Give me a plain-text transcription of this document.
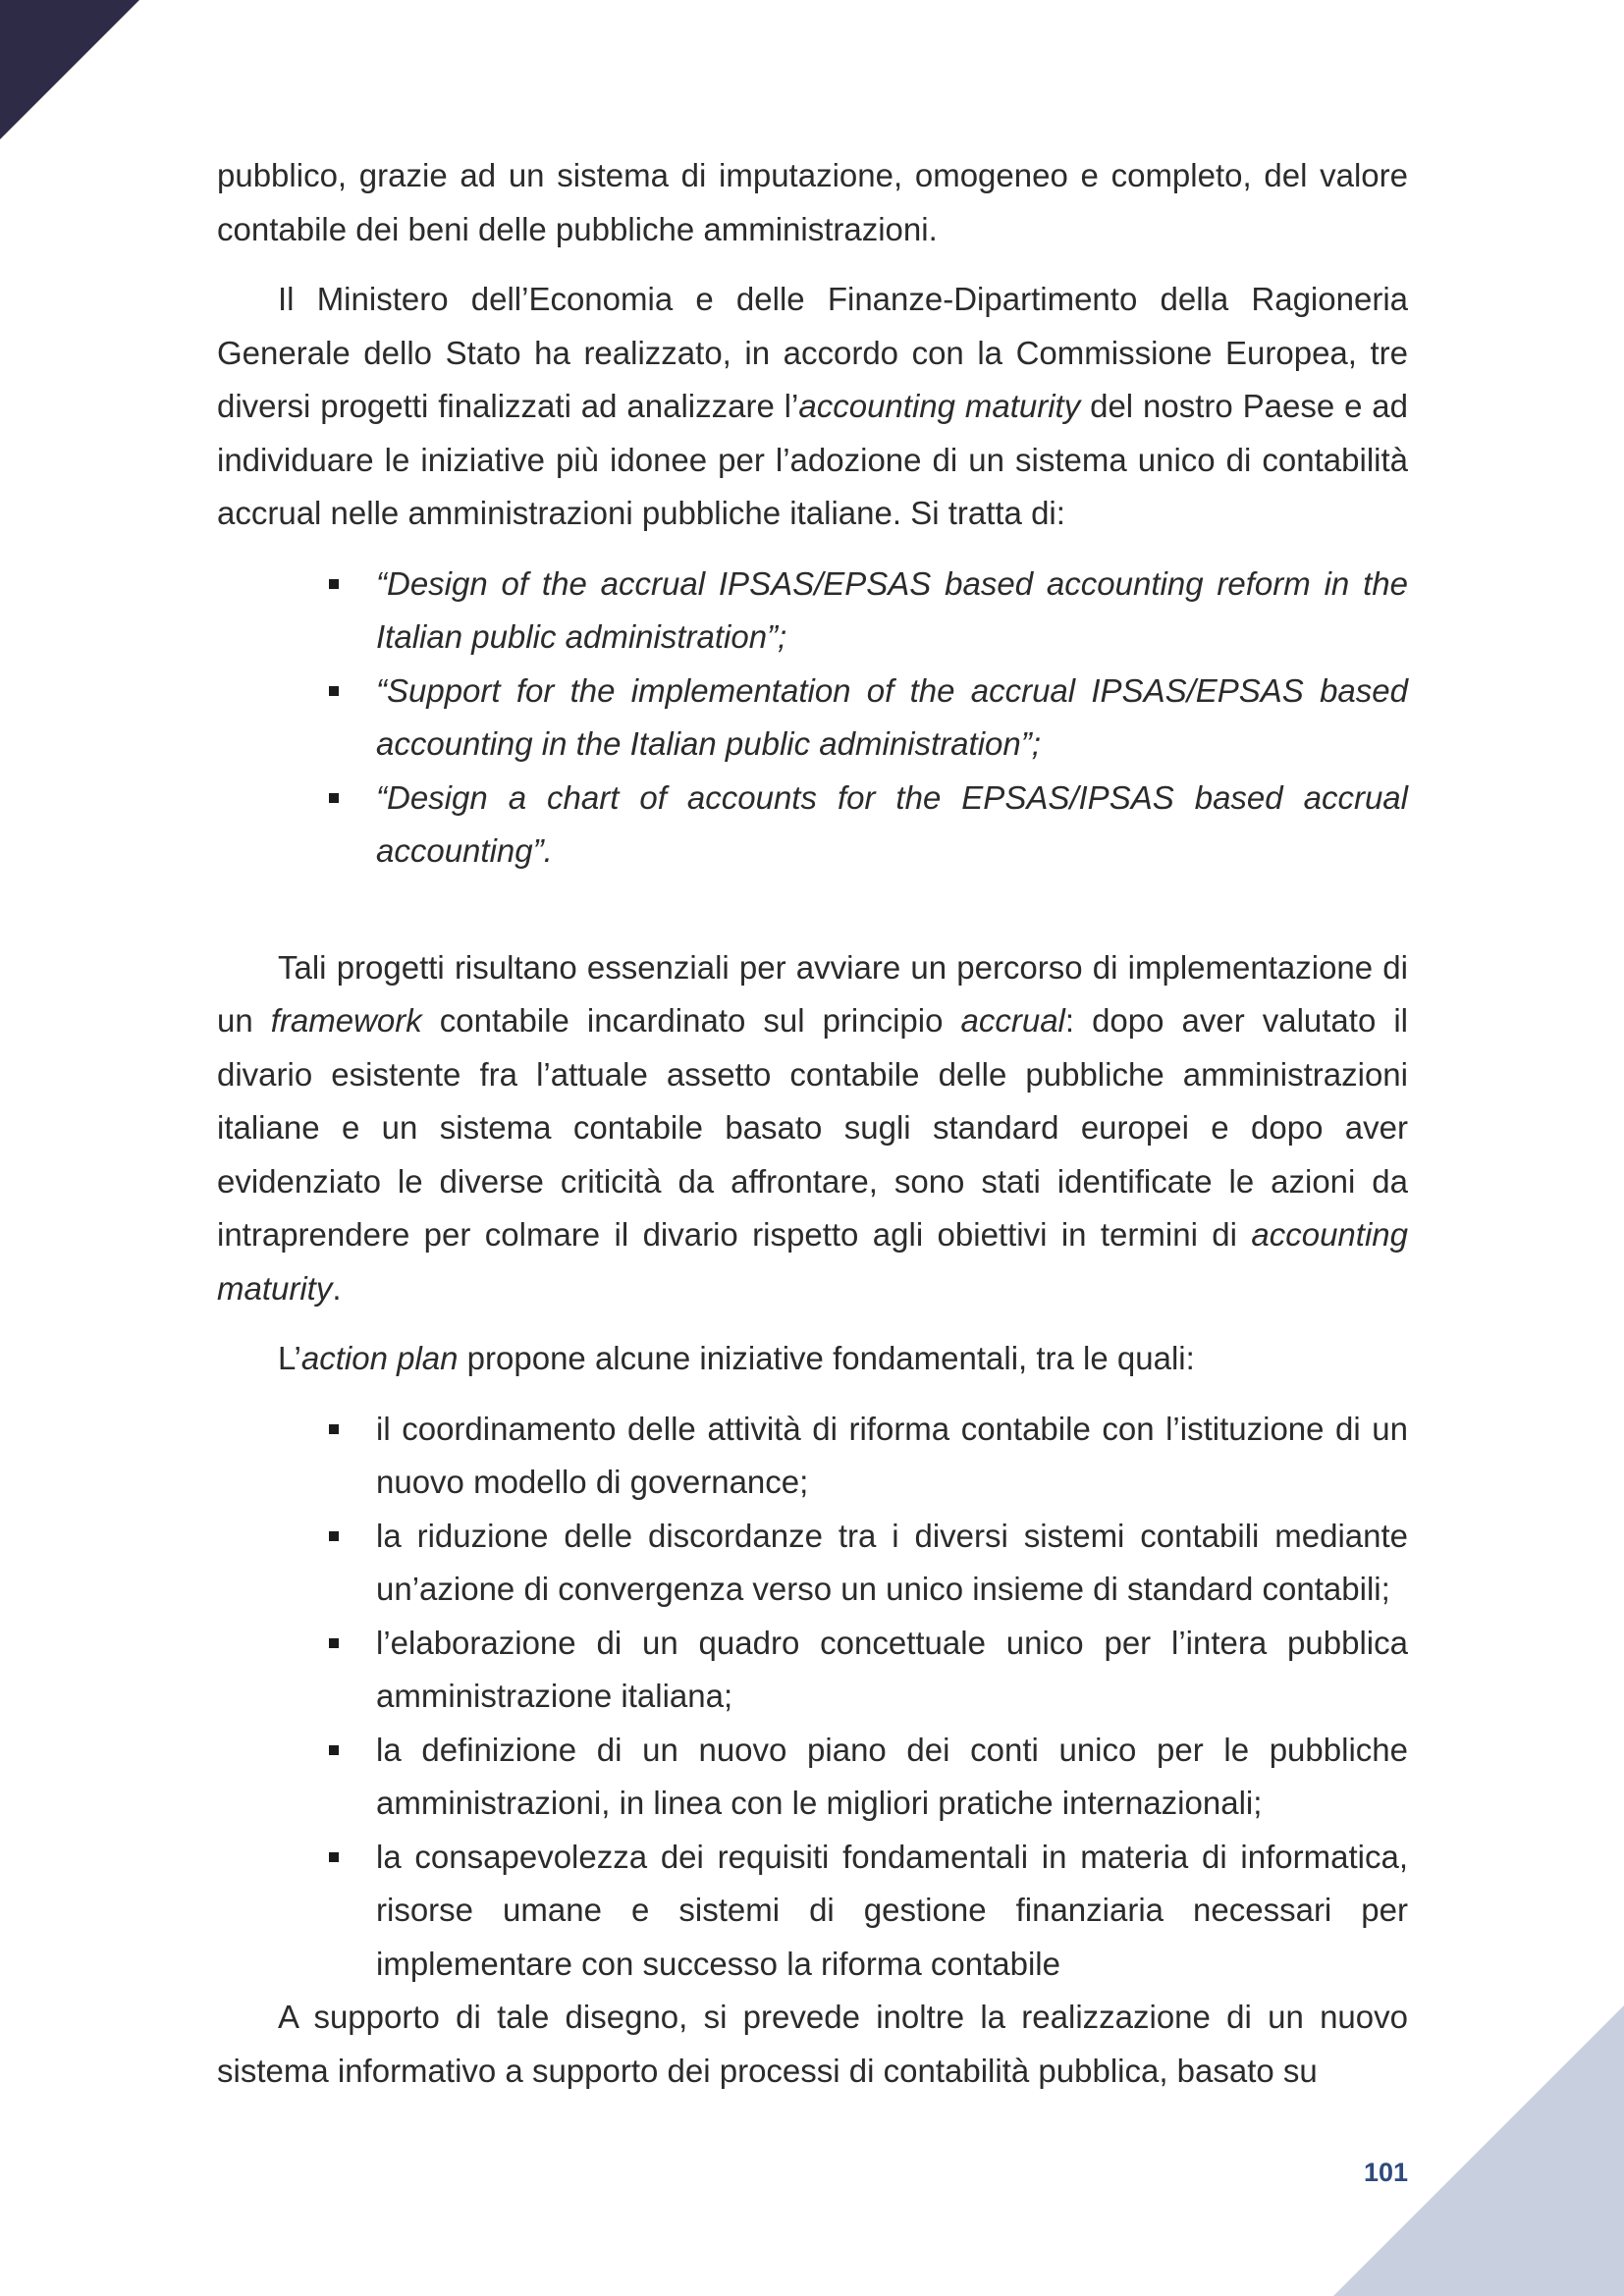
pubblico, grazie ad un sistema di imputazione, omogeneo e completo, del valore contabile dei beni delle pubbliche amministrazioni.

Il Ministero dell’Economia e delle Finanze-Dipartimento della Ragioneria Generale dello Stato ha realizzato, in accordo con la Commissione Europea, tre diversi progetti finalizzati ad analizzare l’accounting maturity del nostro Paese e ad individuare le iniziative più idonee per l’adozione di un sistema unico di contabilità accrual nelle amministrazioni pubbliche italiane. Si tratta di:

“Design of the accrual IPSAS/EPSAS based accounting reform in the Italian public administration”;
“Support for the implementation of the accrual IPSAS/EPSAS based accounting in the Italian public administration”;
“Design a chart of accounts for the EPSAS/IPSAS based accrual accounting”.

Tali progetti risultano essenziali per avviare un percorso di implementazione di un framework contabile incardinato sul principio accrual: dopo aver valutato il divario esistente fra l’attuale assetto contabile delle pubbliche amministrazioni italiane e un sistema contabile basato sugli standard europei e dopo aver evidenziato le diverse criticità da affrontare, sono stati identificate le azioni da intraprendere per colmare il divario rispetto agli obiettivi in termini di accounting maturity.

L’action plan propone alcune iniziative fondamentali, tra le quali:

il coordinamento delle attività di riforma contabile con l’istituzione di un nuovo modello di governance;
la riduzione delle discordanze tra i diversi sistemi contabili mediante un’azione di convergenza verso un unico insieme di standard contabili;
l’elaborazione di un quadro concettuale unico per l’intera pubblica amministrazione italiana;
la definizione di un nuovo piano dei conti unico per le pubbliche amministrazioni, in linea con le migliori pratiche internazionali;
la consapevolezza dei requisiti fondamentali in materia di informatica, risorse umane e sistemi di gestione finanziaria necessari per implementare con successo la riforma contabile

A supporto di tale disegno, si prevede inoltre la realizzazione di un nuovo sistema informativo a supporto dei processi di contabilità pubblica, basato su

101
